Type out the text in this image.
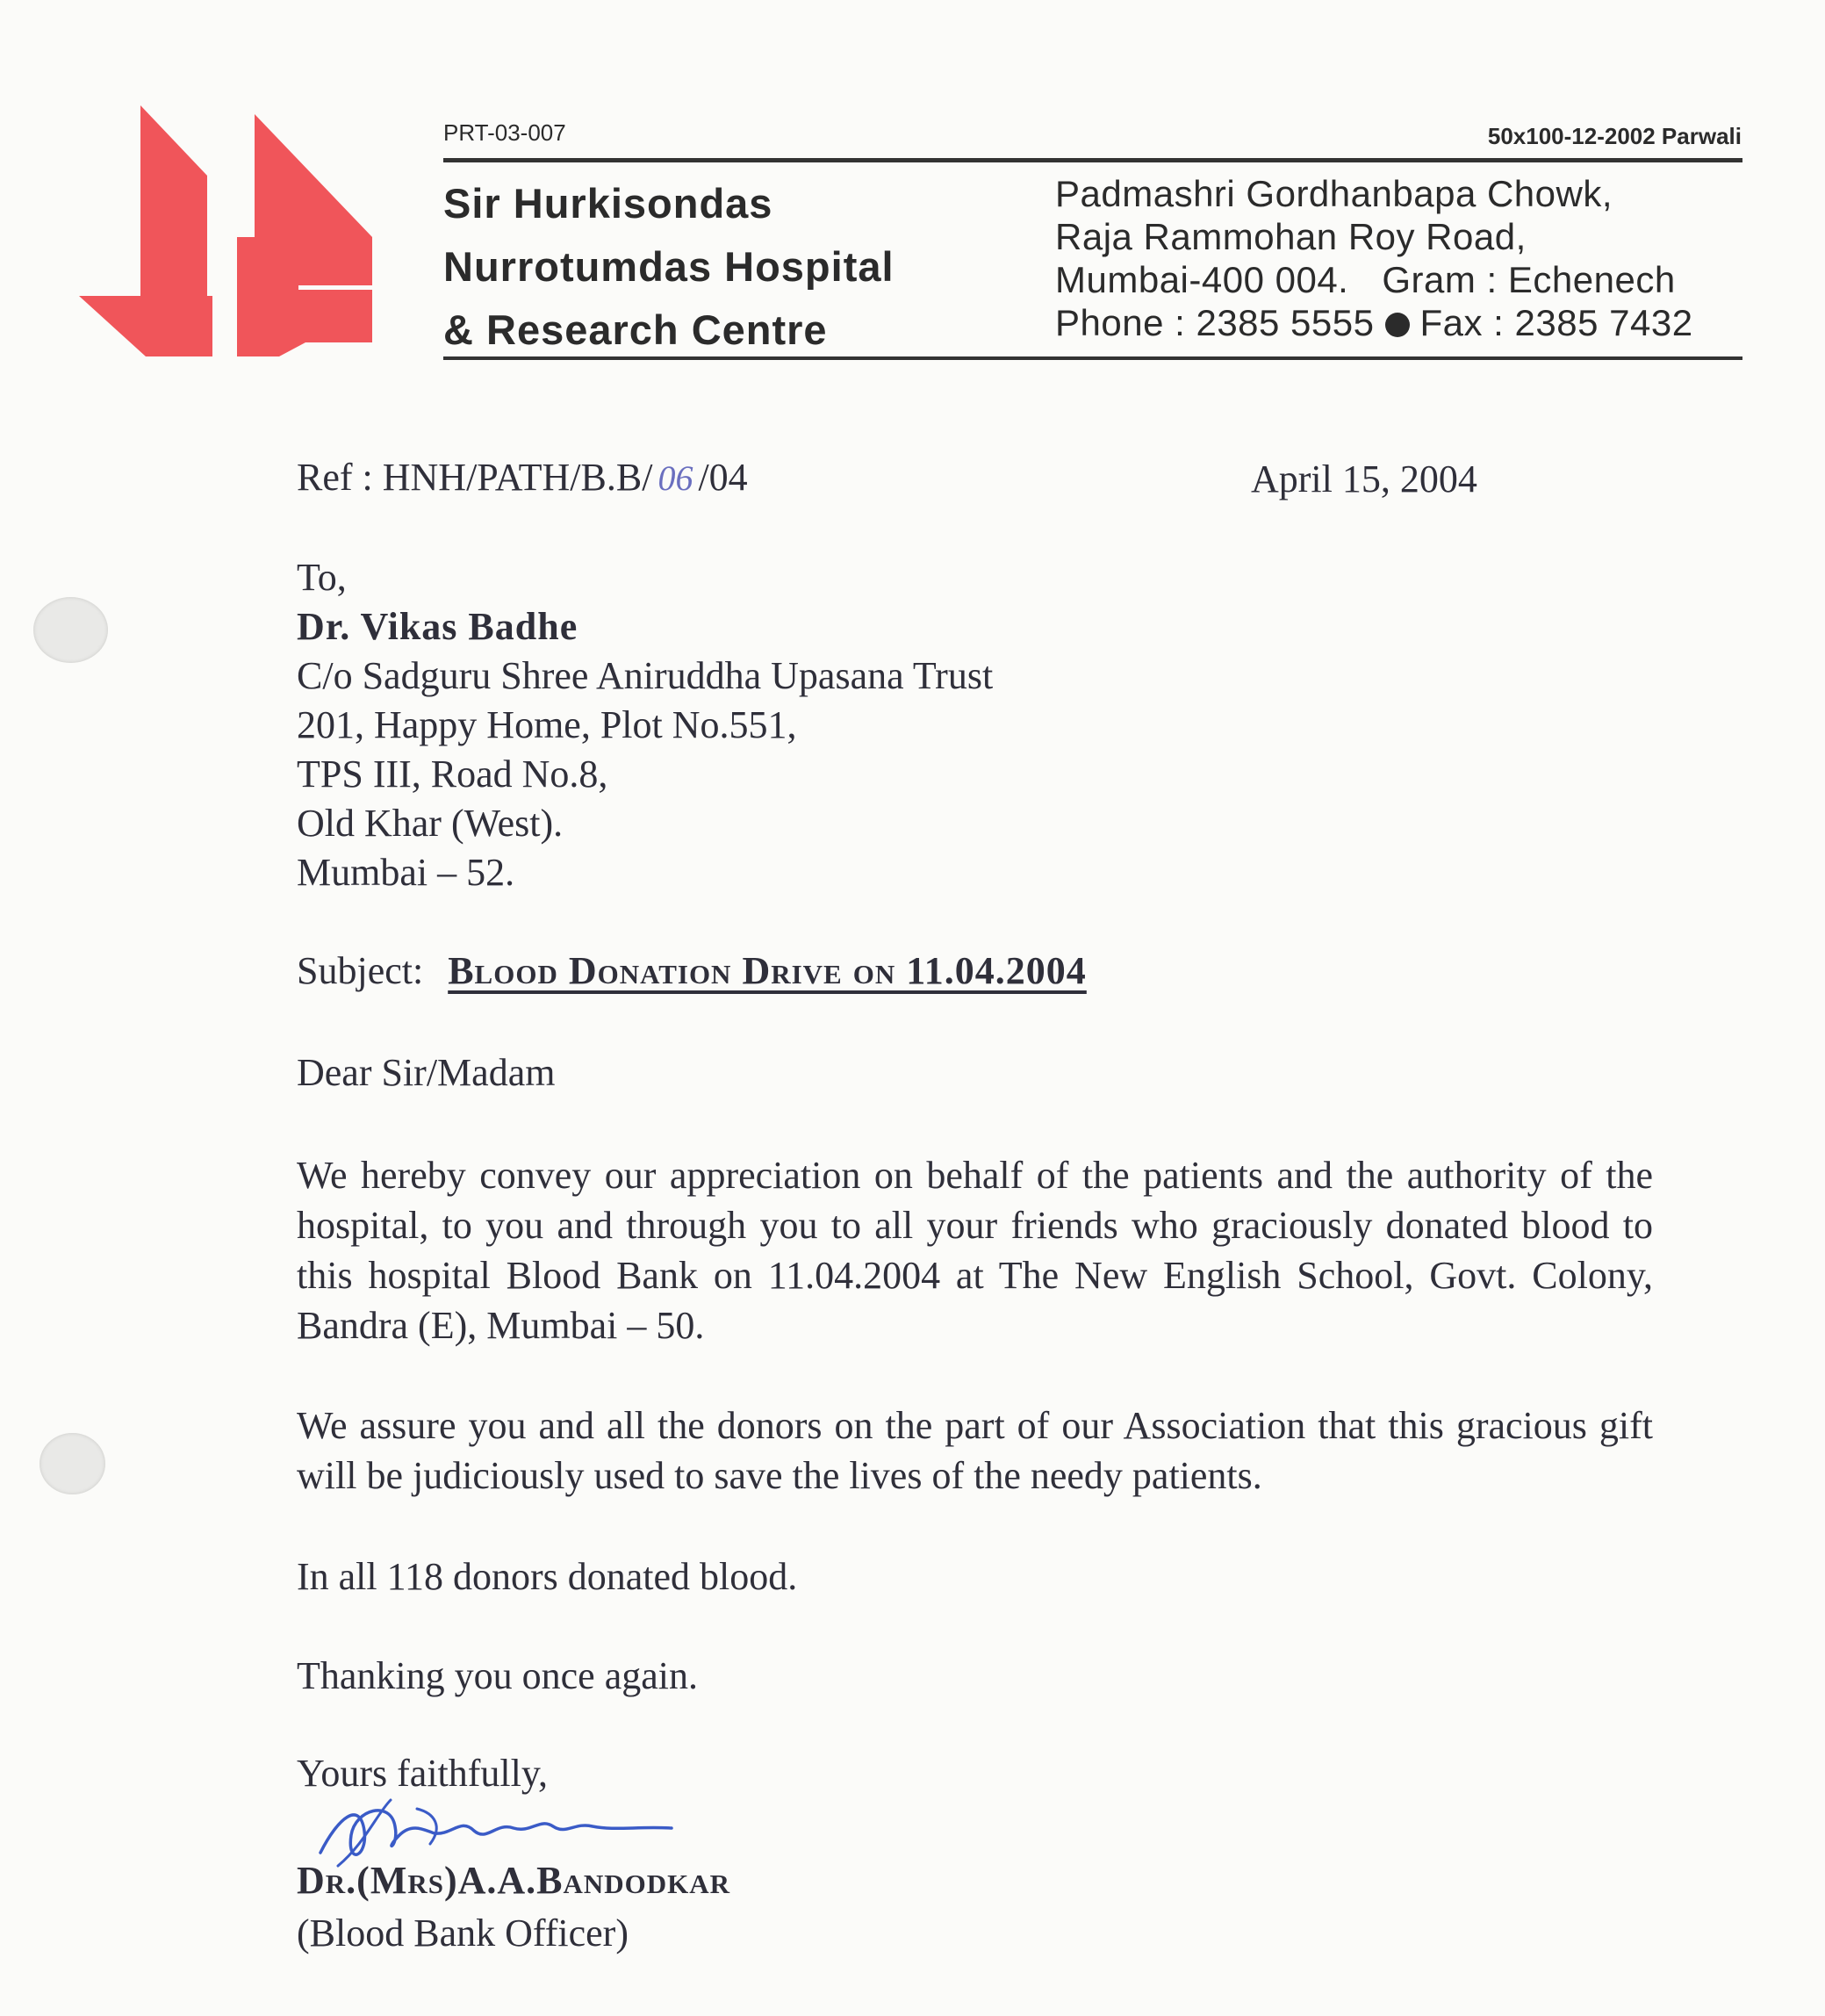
PRT-03-007	50x100-12-2002 Parwali
Sir Hurkisondas
Nurrotumdas Hospital
& Research Centre
Padmashri Gordhanbapa Chowk,
Raja Rammohan Roy Road,
Mumbai-400 004. Gram : Echenech
Phone : 2385 5555 Fax : 2385 7432
Ref : HNH/PATH/B.B/ 06 /04	April 15, 2004
To,
Dr. Vikas Badhe
C/o Sadguru Shree Aniruddha Upasana Trust
201, Happy Home, Plot No.551,
TPS III, Road No.8,
Old Khar (West).
Mumbai – 52.
Subject: Blood Donation Drive on 11.04.2004
Dear Sir/Madam
We hereby convey our appreciation on behalf of the patients and the authority of the hospital, to you and through you to all your friends who graciously donated blood to this hospital Blood Bank on 11.04.2004 at The New English School, Govt. Colony, Bandra (E), Mumbai – 50.
We assure you and all the donors on the part of our Association that this gracious gift will be judiciously used to save the lives of the needy patients.
In all 118 donors donated blood.
Thanking you once again.
Yours faithfully,
Dr.(Mrs)A.A.Bandodkar
(Blood Bank Officer)
